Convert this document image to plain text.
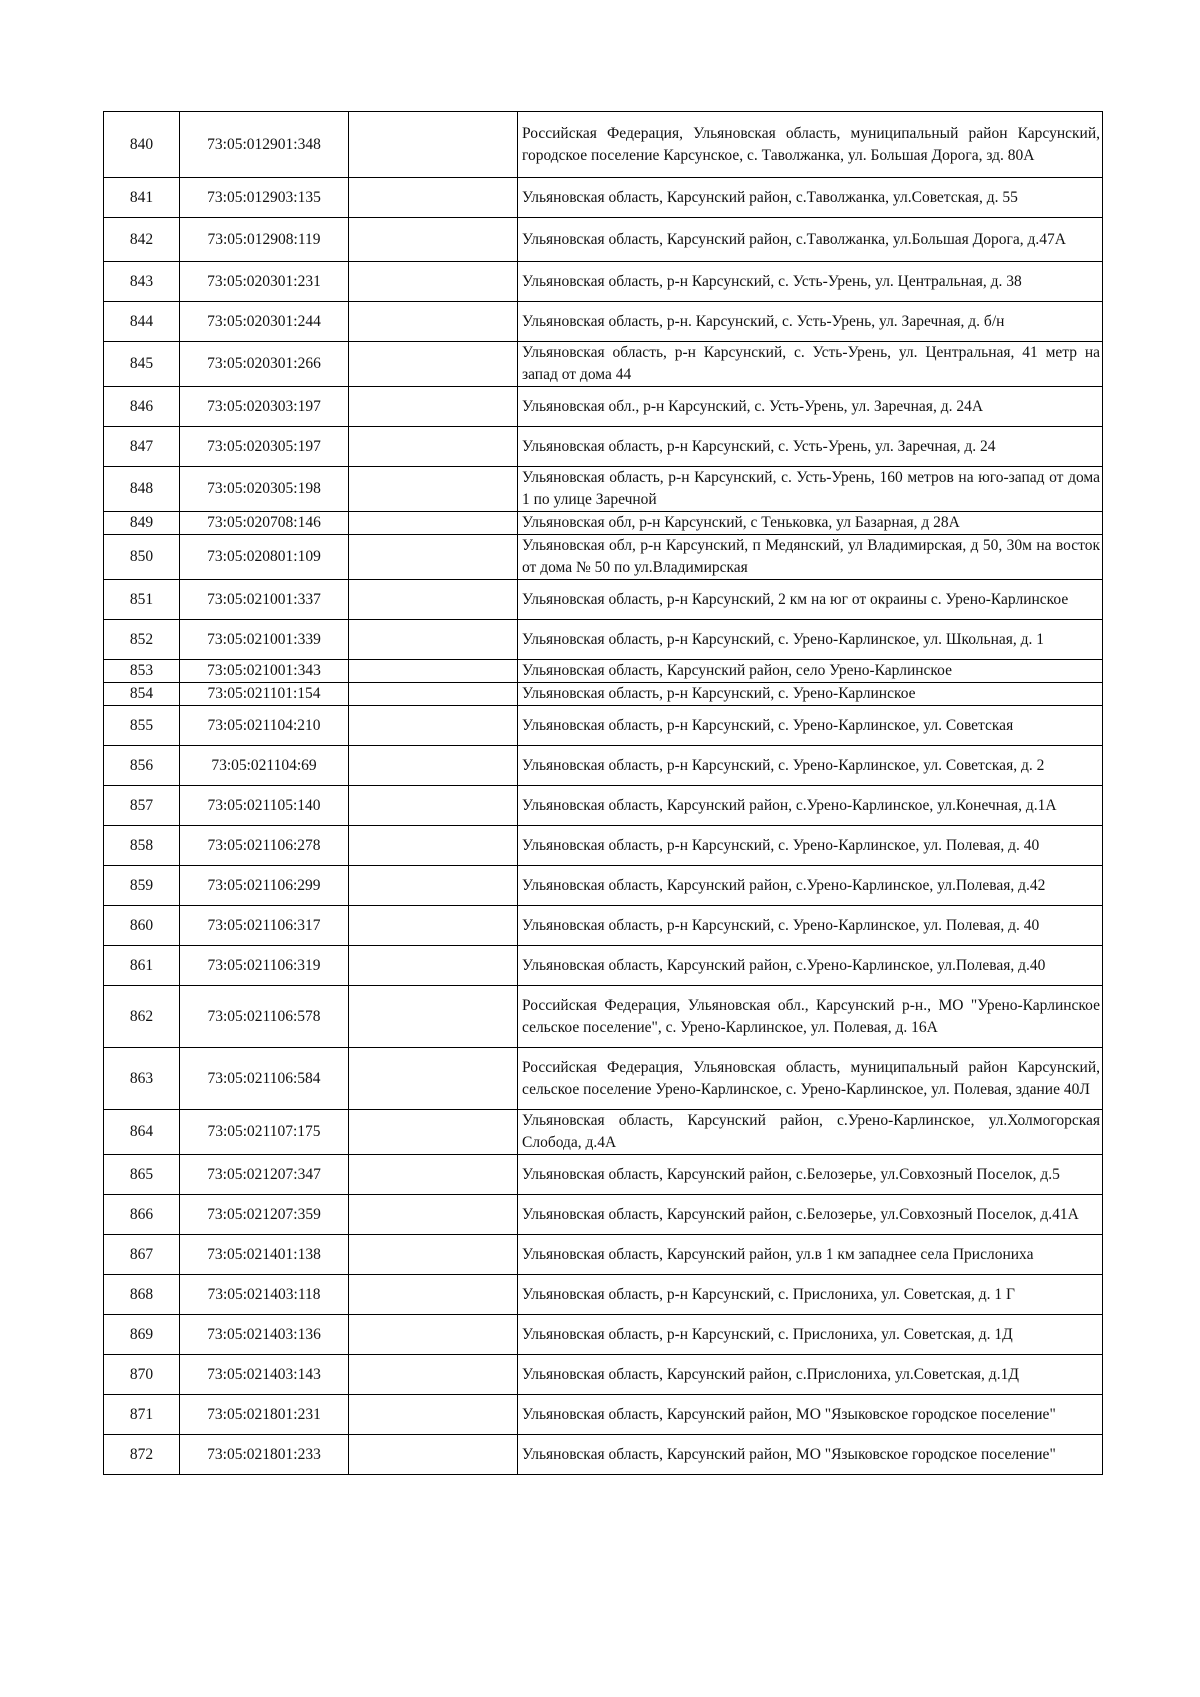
840	73:05:012901:348		Российская Федерация, Ульяновская область, муниципальный район Карсунский, городское поселение Карсунское, с. Таволжанка, ул. Большая Дорога, зд. 80А
841	73:05:012903:135		Ульяновская область, Карсунский район, с.Таволжанка, ул.Советская, д. 55
842	73:05:012908:119		Ульяновская область, Карсунский район, с.Таволжанка, ул.Большая Дорога, д.47А
843	73:05:020301:231		Ульяновская область, р-н Карсунский, с. Усть-Урень, ул. Центральная, д. 38
844	73:05:020301:244		Ульяновская область, р-н. Карсунский, с. Усть-Урень, ул. Заречная, д. б/н
845	73:05:020301:266		Ульяновская область, р-н Карсунский, с. Усть-Урень, ул. Центральная, 41 метр на запад от дома 44
846	73:05:020303:197		Ульяновская обл., р-н Карсунский, с. Усть-Урень, ул. Заречная, д. 24А
847	73:05:020305:197		Ульяновская область, р-н Карсунский, с. Усть-Урень, ул. Заречная, д. 24
848	73:05:020305:198		Ульяновская область, р-н Карсунский, с. Усть-Урень, 160 метров на юго-запад от дома 1 по улице Заречной
849	73:05:020708:146		Ульяновская обл, р-н Карсунский, с Теньковка, ул Базарная, д 28А
850	73:05:020801:109		Ульяновская обл, р-н Карсунский, п Медянский, ул Владимирская, д 50, 30м на восток от дома № 50 по ул.Владимирская
851	73:05:021001:337		Ульяновская область, р-н Карсунский, 2 км на юг от окраины с. Урено-Карлинское
852	73:05:021001:339		Ульяновская область, р-н Карсунский, с. Урено-Карлинское, ул. Школьная, д. 1
853	73:05:021001:343		Ульяновская область, Карсунский район, село Урено-Карлинское
854	73:05:021101:154		Ульяновская область, р-н Карсунский, с. Урено-Карлинское
855	73:05:021104:210		Ульяновская область, р-н Карсунский, с. Урено-Карлинское, ул. Советская
856	73:05:021104:69		Ульяновская область, р-н Карсунский, с. Урено-Карлинское, ул. Советская, д. 2
857	73:05:021105:140		Ульяновская область, Карсунский район, с.Урено-Карлинское, ул.Конечная, д.1А
858	73:05:021106:278		Ульяновская область, р-н Карсунский, с. Урено-Карлинское, ул. Полевая, д. 40
859	73:05:021106:299		Ульяновская область, Карсунский район, с.Урено-Карлинское, ул.Полевая, д.42
860	73:05:021106:317		Ульяновская область, р-н Карсунский, с. Урено-Карлинское, ул. Полевая, д. 40
861	73:05:021106:319		Ульяновская область, Карсунский район, с.Урено-Карлинское, ул.Полевая, д.40
862	73:05:021106:578		Российская Федерация, Ульяновская обл., Карсунский р-н., МО "Урено-Карлинское сельское поселение", с. Урено-Карлинское, ул. Полевая, д. 16А
863	73:05:021106:584		Российская Федерация, Ульяновская область, муниципальный район Карсунский, сельское поселение Урено-Карлинское, с. Урено-Карлинское, ул. Полевая, здание 40Л
864	73:05:021107:175		Ульяновская область, Карсунский район, с.Урено-Карлинское, ул.Холмогорская Слобода, д.4А
865	73:05:021207:347		Ульяновская область, Карсунский район, с.Белозерье, ул.Совхозный Поселок, д.5
866	73:05:021207:359		Ульяновская область, Карсунский район, с.Белозерье, ул.Совхозный Поселок, д.41А
867	73:05:021401:138		Ульяновская область, Карсунский район, ул.в 1 км западнее села Прислониха
868	73:05:021403:118		Ульяновская область, р-н Карсунский, с. Прислониха, ул. Советская, д. 1 Г
869	73:05:021403:136		Ульяновская область, р-н Карсунский, с. Прислониха, ул. Советская, д. 1Д
870	73:05:021403:143		Ульяновская область, Карсунский район, с.Прислониха, ул.Советская, д.1Д
871	73:05:021801:231		Ульяновская область, Карсунский район, МО "Языковское городское поселение"
872	73:05:021801:233		Ульяновская область, Карсунский район, МО "Языковское городское поселение"
